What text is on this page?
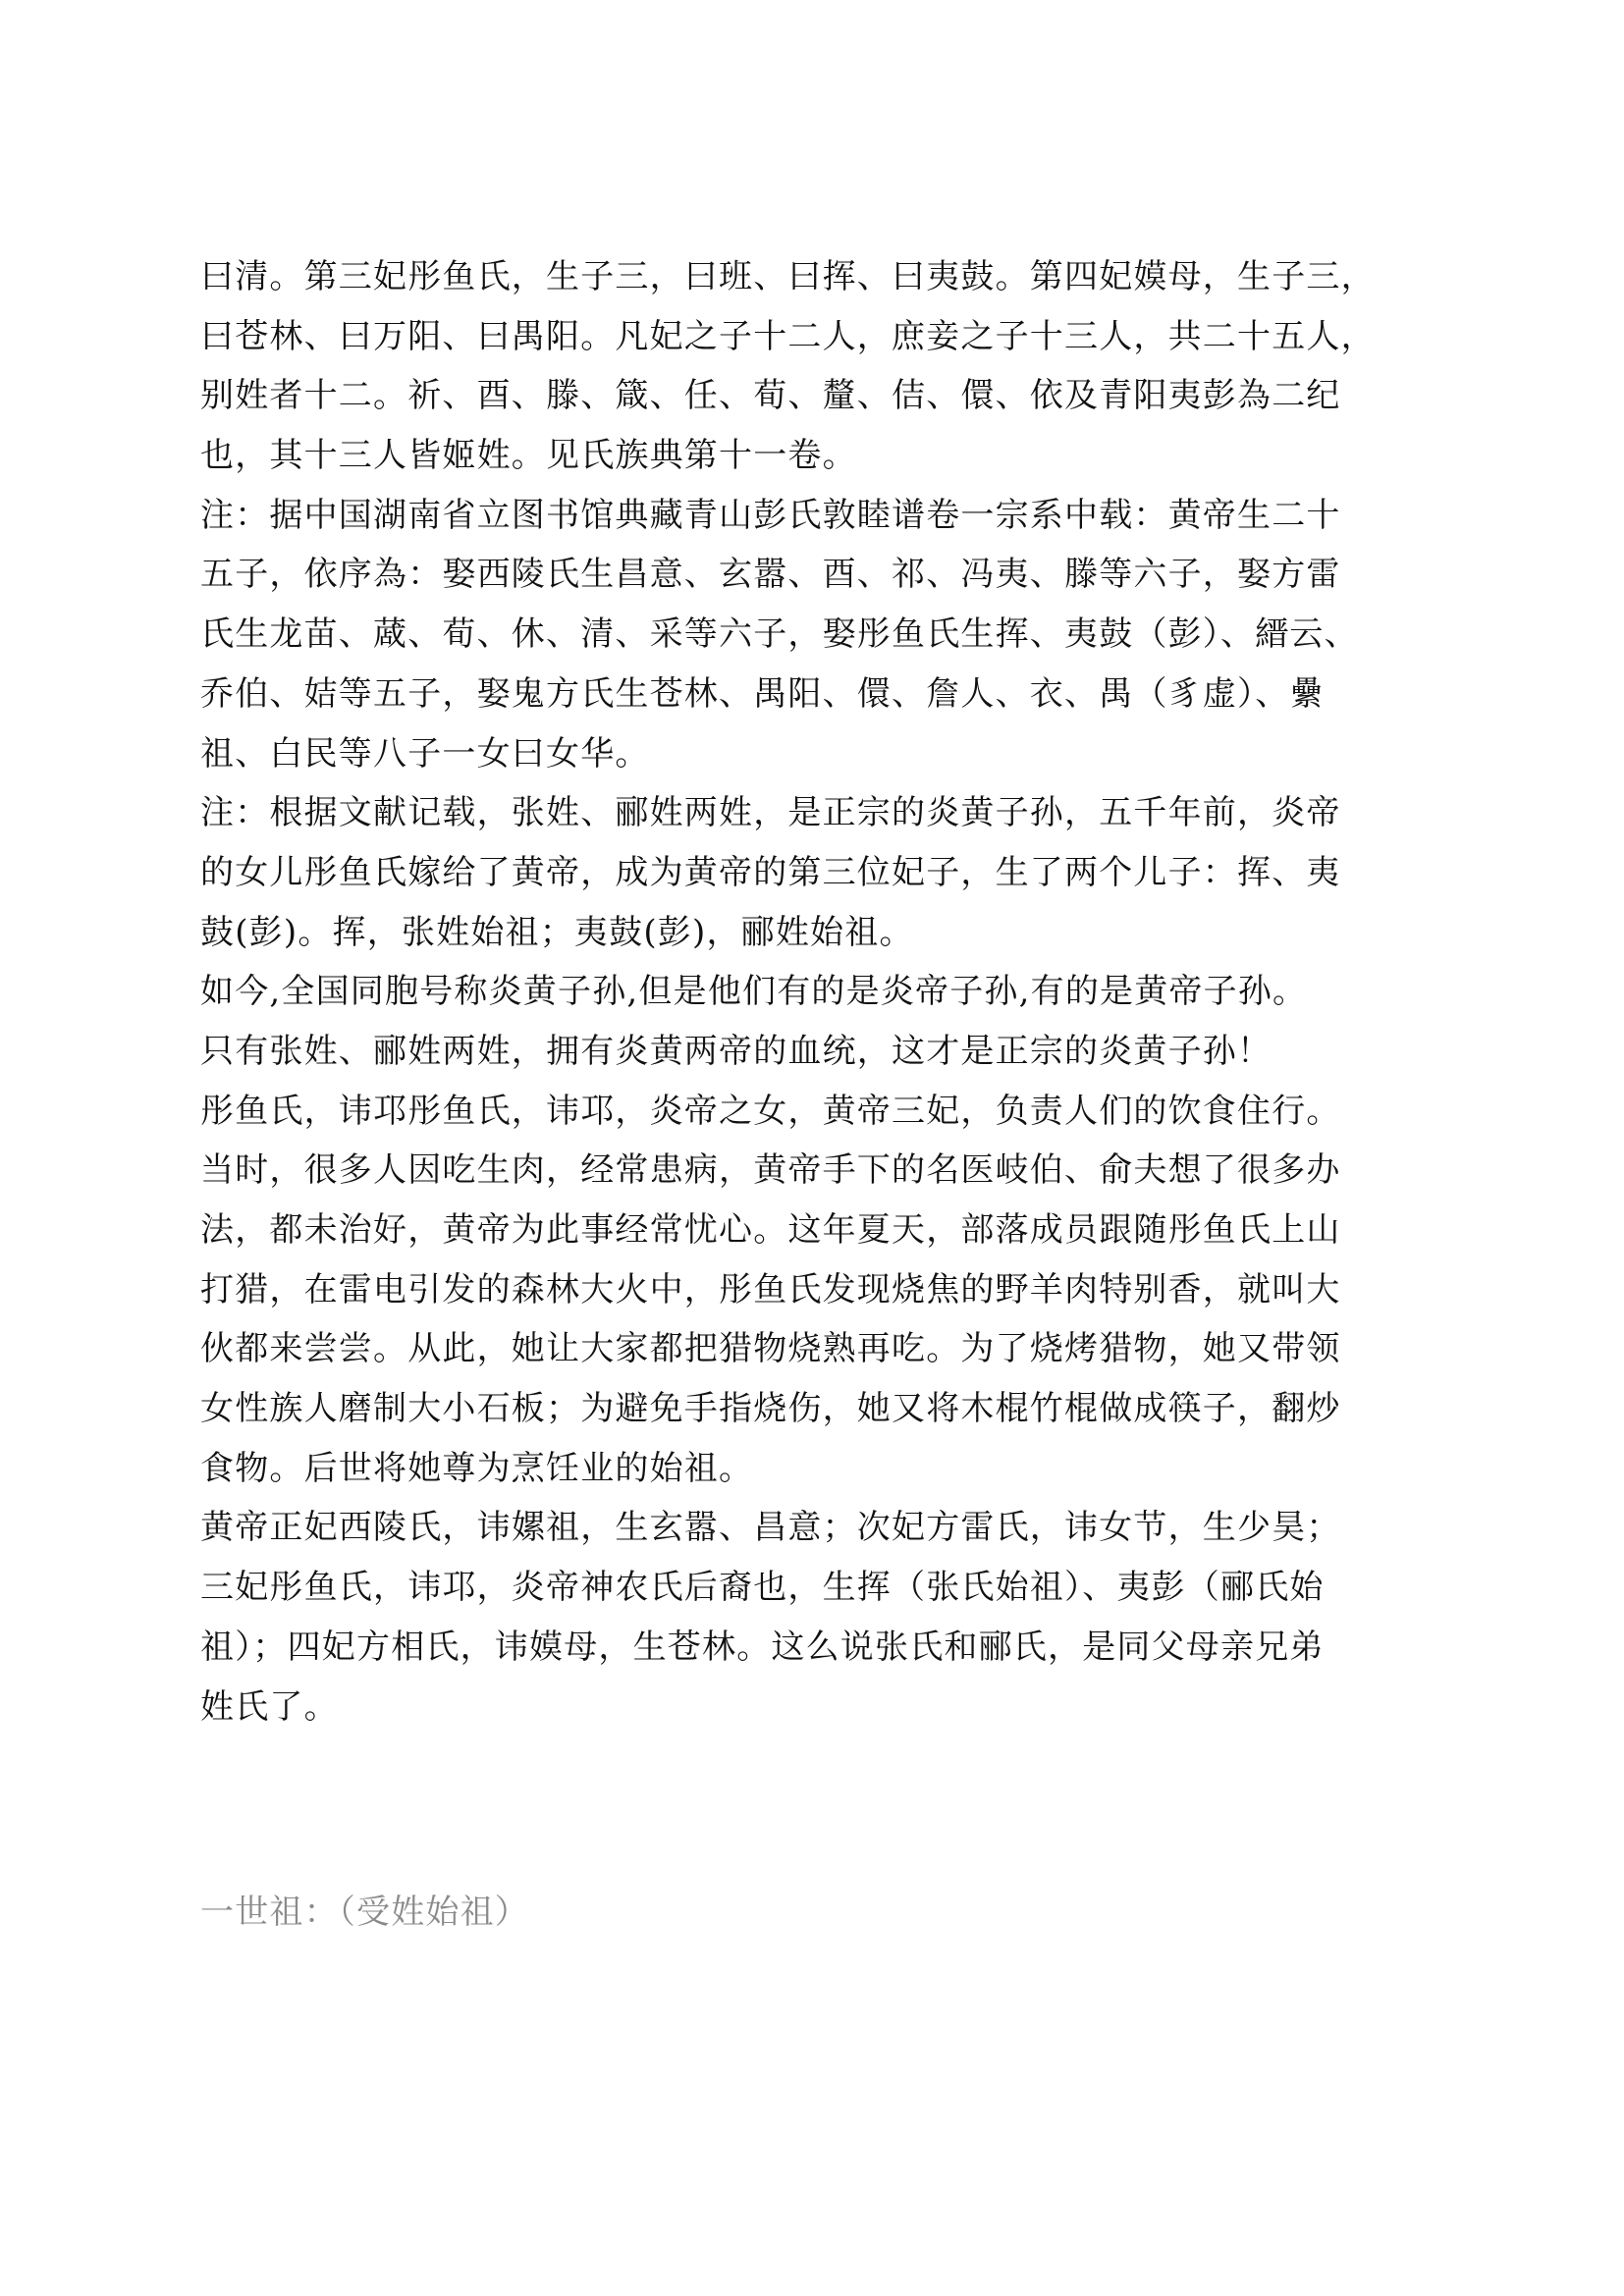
曰清。第三妃彤鱼氏，生子三，曰班、曰挥、曰夷鼓。第四妃嫫母，生子三，
曰苍林、曰万阳、曰禺阳。凡妃之子十二人，庶妾之子十三人，共二十五人，
别姓者十二。祈、酉、滕、箴、任、荀、釐、佶、儇、依及青阳夷彭為二纪
也，其十三人皆姬姓。见氏族典第十一卷。
注：据中国湖南省立图书馆典藏青山彭氏敦睦谱卷一宗系中载：黄帝生二十
五子，依序為：娶西陵氏生昌意、玄嚣、酉、祁、冯夷、滕等六子，娶方雷
氏生龙苗、蒧、荀、休、清、采等六子，娶彤鱼氏生挥、夷鼓（彭）、縉云、
乔伯、姞等五子，娶鬼方氏生苍林、禺阳、儇、詹人、衣、禺（豸虚）、纍
祖、白民等八子一女曰女华。
注：根据文献记载，张姓、郦姓两姓，是正宗的炎黄子孙，五千年前，炎帝
的女儿彤鱼氏嫁给了黄帝，成为黄帝的第三位妃子，生了两个儿子：挥、夷
鼓(彭)。挥，张姓始祖；夷鼓(彭)，郦姓始祖。
如今,全国同胞号称炎黄子孙,但是他们有的是炎帝子孙,有的是黄帝子孙。
只有张姓、郦姓两姓，拥有炎黄两帝的血统，这才是正宗的炎黄子孙！
彤鱼氏，讳邛彤鱼氏，讳邛，炎帝之女，黄帝三妃，负责人们的饮食住行。
当时，很多人因吃生肉，经常患病，黄帝手下的名医岐伯、俞夫想了很多办
法，都未治好，黄帝为此事经常忧心。这年夏天，部落成员跟随彤鱼氏上山
打猎，在雷电引发的森林大火中，彤鱼氏发现烧焦的野羊肉特别香，就叫大
伙都来尝尝。从此，她让大家都把猎物烧熟再吃。为了烧烤猎物，她又带领
女性族人磨制大小石板；为避免手指烧伤，她又将木棍竹棍做成筷子，翻炒
食物。后世将她尊为烹饪业的始祖。
黄帝正妃西陵氏，讳嫘祖，生玄嚣、昌意；次妃方雷氏，讳女节，生少昊；
三妃彤鱼氏，讳邛，炎帝神农氏后裔也，生挥（张氏始祖）、夷彭（郦氏始
祖）；四妃方相氏，讳嫫母，生苍林。这么说张氏和郦氏，是同父母亲兄弟
姓氏了。
一世祖：（受姓始祖）
